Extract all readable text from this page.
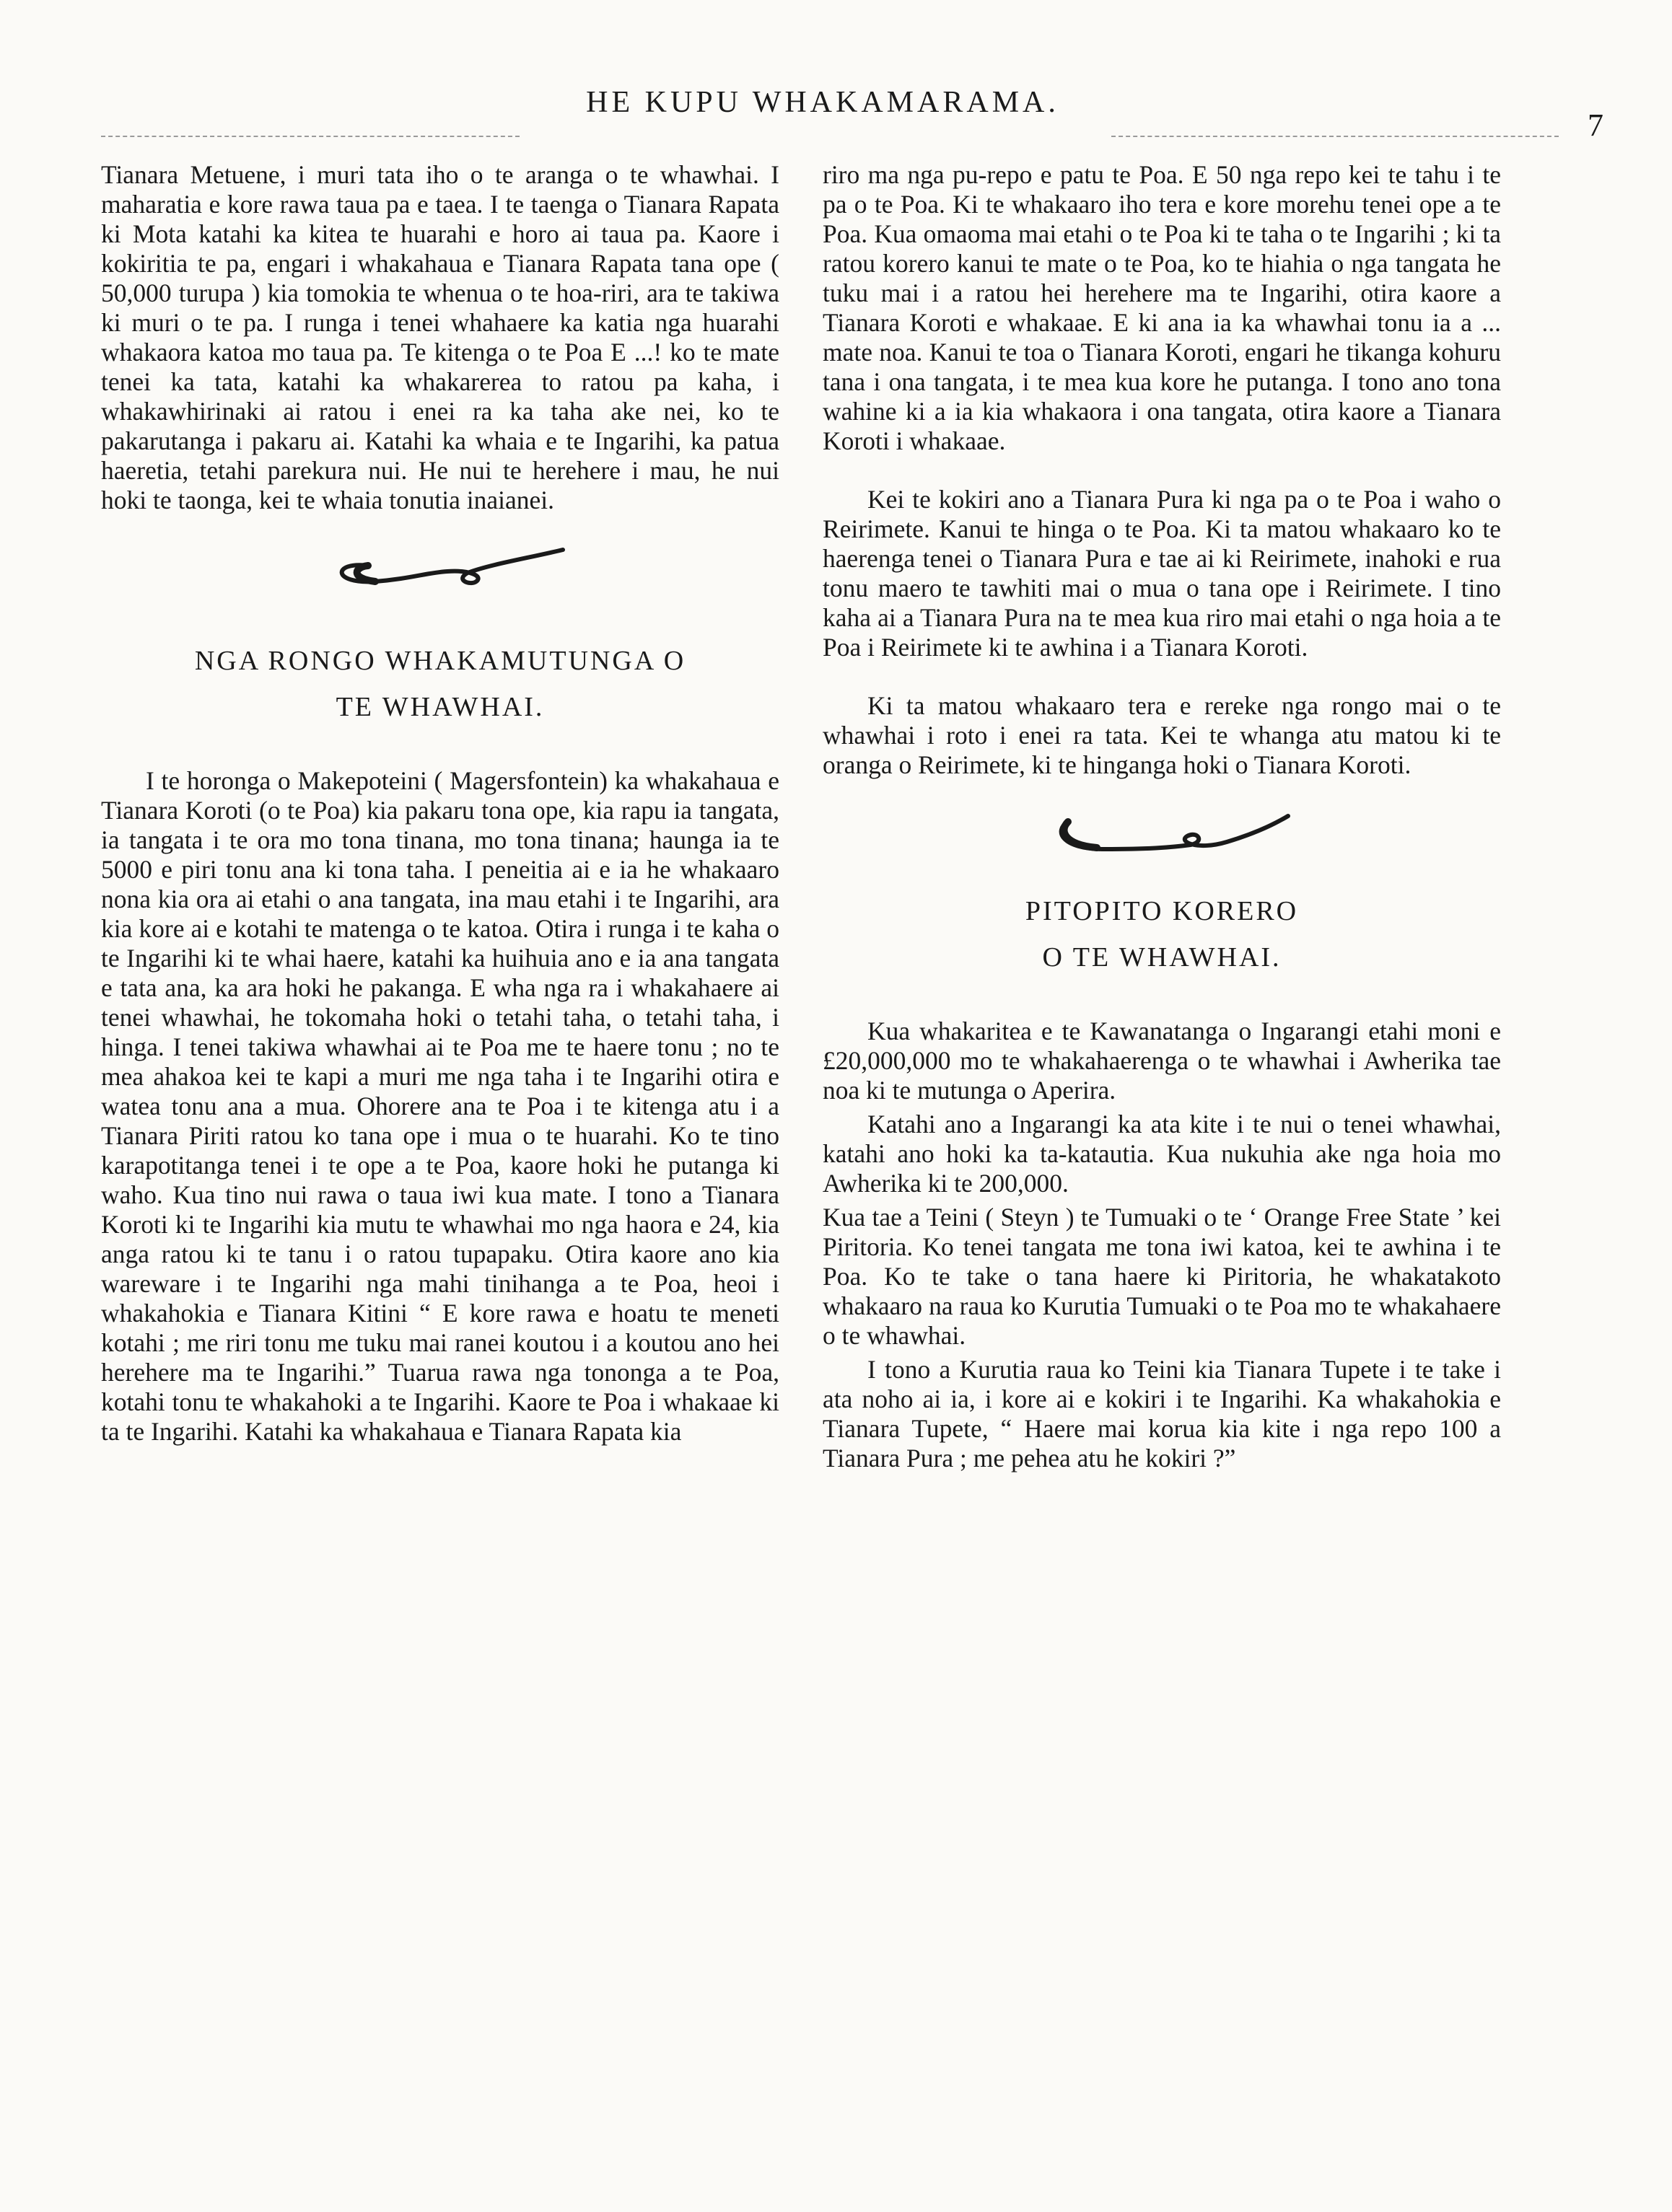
HE KUPU WHAKAMARAMA.
7

Tianara Metuene, i muri tata iho o te aranga o te whawhai. I maharatia e kore rawa taua pa e taea. I te taenga o Tianara Rapata ki Mota katahi ka kitea te huarahi e horo ai taua pa. Kaore i kokiritia te pa, engari i whakahaua e Tianara Rapata tana ope ( 50,000 turupa ) kia tomokia te whenua o te hoa-riri, ara te takiwa ki muri o te pa. I runga i tenei whahaere ka katia nga huarahi whakaora katoa mo taua pa. Te kitenga o te Poa E ...! ko te mate tenei ka tata, katahi ka whakarerea to ratou pa kaha, i whakawhirinaki ai ratou i enei ra ka taha ake nei, ko te pakarutanga i pakaru ai. Katahi ka whaia e te Ingarihi, ka patua haeretia, tetahi parekura nui. He nui te herehere i mau, he nui hoki te taonga, kei te whaia tonutia inaianei.

NGA RONGO WHAKAMUTUNGA O
TE WHAWHAI.

I te horonga o Makepoteini ( Magersfontein) ka whakahaua e Tianara Koroti (o te Poa) kia pakaru tona ope, kia rapu ia tangata, ia tangata i te ora mo tona tinana, mo tona tinana; haunga ia te 5000 e piri tonu ana ki tona taha. I peneitia ai e ia he whakaaro nona kia ora ai etahi o ana tangata, ina mau etahi i te Ingarihi, ara kia kore ai e kotahi te matenga o te katoa. Otira i runga i te kaha o te Ingarihi ki te whai haere, katahi ka huihuia ano e ia ana tangata e tata ana, ka ara hoki he pakanga. E wha nga ra i whakahaere ai tenei whawhai, he tokomaha hoki o tetahi taha, o tetahi taha, i hinga. I tenei takiwa whawhai ai te Poa me te haere tonu ; no te mea ahakoa kei te kapi a muri me nga taha i te Ingarihi otira e watea tonu ana a mua. Ohorere ana te Poa i te kitenga atu i a Tianara Piriti ratou ko tana ope i mua o te huarahi. Ko te tino karapotitanga tenei i te ope a te Poa, kaore hoki he putanga ki waho. Kua tino nui rawa o taua iwi kua mate. I tono a Tianara Koroti ki te Ingarihi kia mutu te whawhai mo nga haora e 24, kia anga ratou ki te tanu i o ratou tupapaku. Otira kaore ano kia wareware i te Ingarihi nga mahi tinihanga a te Poa, heoi i whakahokia e Tianara Kitini “ E kore rawa e hoatu te meneti kotahi ; me riri tonu me tuku mai ranei koutou i a koutou ano hei herehere ma te Ingarihi.” Tuarua rawa nga tononga a te Poa, kotahi tonu te whakahoki a te Ingarihi. Kaore te Poa i whakaae ki ta te Ingarihi. Katahi ka whakahaua e Tianara Rapata kia

riro ma nga pu-repo e patu te Poa. E 50 nga repo kei te tahu i te pa o te Poa. Ki te whakaaro iho tera e kore morehu tenei ope a te Poa. Kua omaoma mai etahi o te Poa ki te taha o te Ingarihi ; ki ta ratou korero kanui te mate o te Poa, ko te hiahia o nga tangata he tuku mai i a ratou hei herehere ma te Ingarihi, otira kaore a Tianara Koroti e whakaae. E ki ana ia ka whawhai tonu ia a ... mate noa. Kanui te toa o Tianara Koroti, engari he tikanga kohuru tana i ona tangata, i te mea kua kore he putanga. I tono ano tona wahine ki a ia kia whakaora i ona tangata, otira kaore a Tianara Koroti i whakaae.

Kei te kokiri ano a Tianara Pura ki nga pa o te Poa i waho o Reirimete. Kanui te hinga o te Poa. Ki ta matou whakaaro ko te haerenga tenei o Tianara Pura e tae ai ki Reirimete, inahoki e rua tonu maero te tawhiti mai o mua o tana ope i Reirimete. I tino kaha ai a Tianara Pura na te mea kua riro mai etahi o nga hoia a te Poa i Reirimete ki te awhina i a Tianara Koroti.

Ki ta matou whakaaro tera e rereke nga rongo mai o te whawhai i roto i enei ra tata. Kei te whanga atu matou ki te oranga o Reirimete, ki te hinganga hoki o Tianara Koroti.

PITOPITO KORERO
O TE WHAWHAI.

Kua whakaritea e te Kawanatanga o Ingarangi etahi moni e £20,000,000 mo te whakahaerenga o te whawhai i Awherika tae noa ki te mutunga o Aperira.

Katahi ano a Ingarangi ka ata kite i te nui o tenei whawhai, katahi ano hoki ka ta-katautia. Kua nukuhia ake nga hoia mo Awherika ki te 200,000.

Kua tae a Teini ( Steyn ) te Tumuaki o te ‘ Orange Free State ’ kei Piritoria. Ko tenei tangata me tona iwi katoa, kei te awhina i te Poa. Ko te take o tana haere ki Piritoria, he whakatakoto whakaaro na raua ko Kurutia Tumuaki o te Poa mo te whakahaere o te whawhai.

I tono a Kurutia raua ko Teini kia Tianara Tupete i te take i ata noho ai ia, i kore ai e kokiri i te Ingarihi. Ka whakahokia e Tianara Tupete, “ Haere mai korua kia kite i nga repo 100 a Tianara Pura ; me pehea atu he kokiri ?”
